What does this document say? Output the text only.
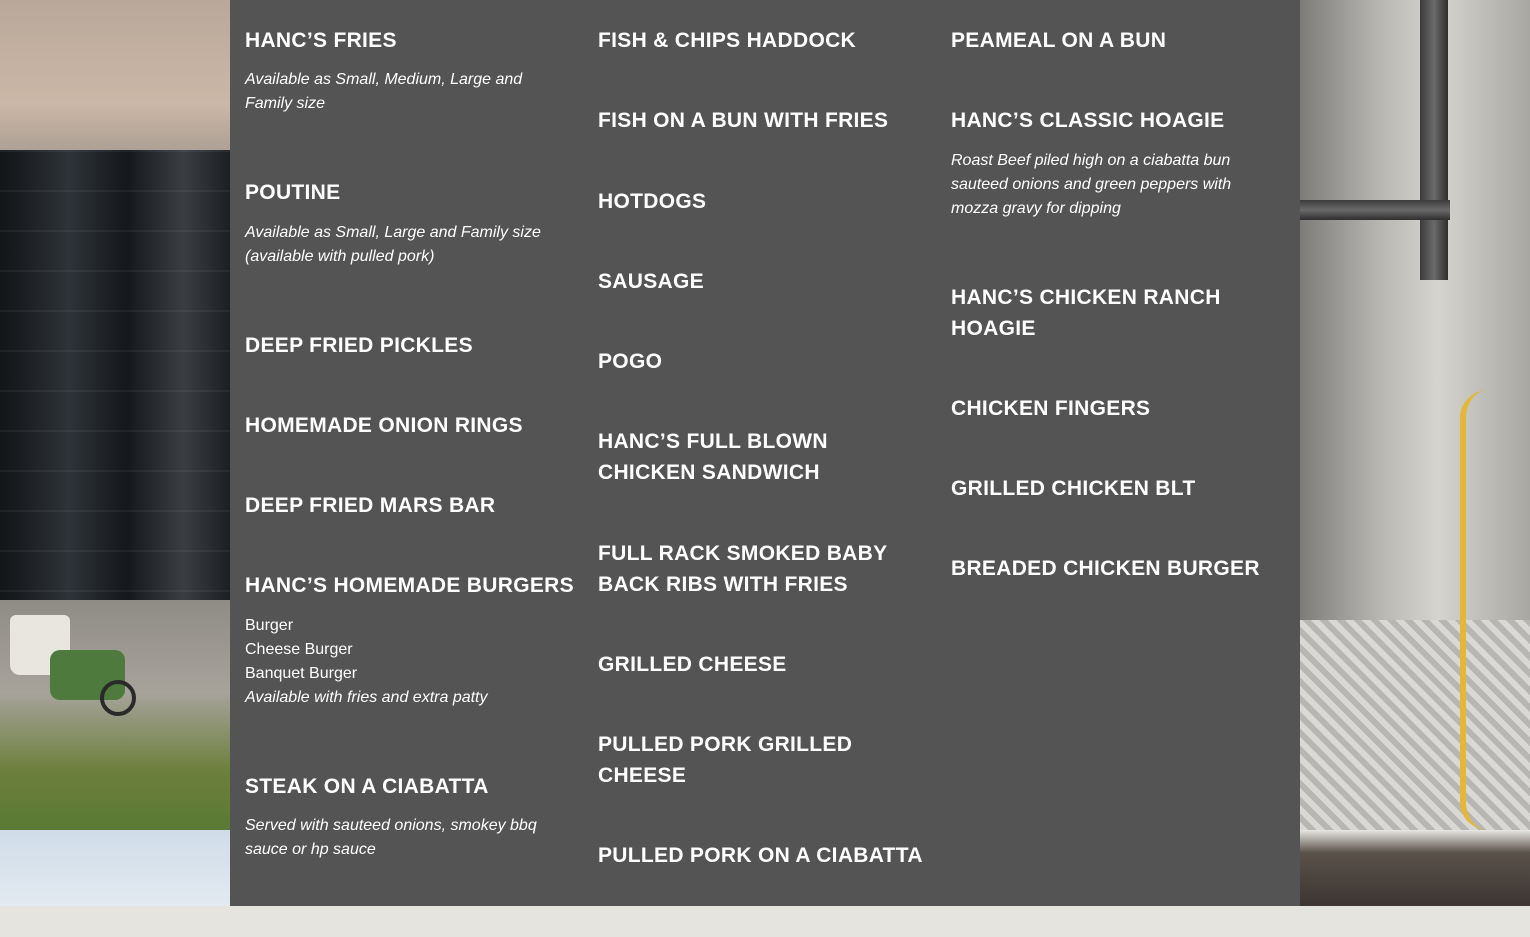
HANC’S FRIES

Available as Small, Medium, Large and Family size

POUTINE

Available as Small, Large and Family size (available with pulled pork)

DEEP FRIED PICKLES
HOMEMADE ONION RINGS
DEEP FRIED MARS BAR
HANC’S HOMEMADE BURGERS

Burger

Cheese Burger

Banquet Burger

Available with fries and extra patty

STEAK ON A CIABATTA

Served with sauteed onions, smokey bbq sauce or hp sauce

FISH & CHIPS HADDOCK
FISH ON A BUN WITH FRIES
HOTDOGS
SAUSAGE
POGO
HANC’S FULL BLOWN CHICKEN SANDWICH
FULL RACK SMOKED BABY BACK RIBS WITH FRIES
GRILLED CHEESE
PULLED PORK GRILLED CHEESE
PULLED PORK ON A CIABATTA
PEAMEAL ON A BUN
HANC’S CLASSIC HOAGIE

Roast Beef piled high on a ciabatta bun sauteed onions and green peppers with mozza gravy for dipping

HANC’S CHICKEN RANCH HOAGIE
CHICKEN FINGERS
GRILLED CHICKEN BLT
BREADED CHICKEN BURGER
